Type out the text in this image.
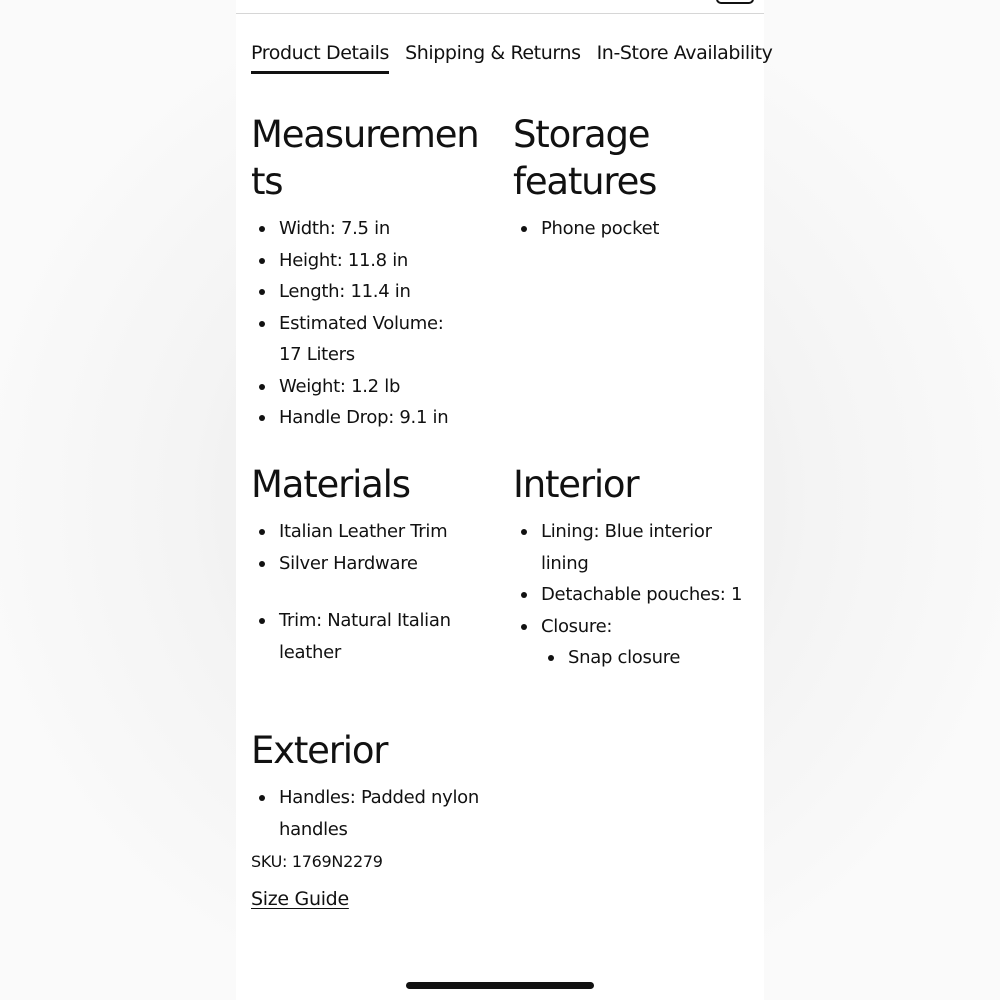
Product Details Shipping & Returns In-Store Availability
Measurements
Width: 7.5 in
Height: 11.8 in
Length: 11.4 in
Estimated Volume: 17 Liters
Weight: 1.2 lb
Handle Drop: 9.1 in
Storage features
Phone pocket
Materials
Italian Leather Trim
Silver Hardware
Trim: Natural Italian leather
Interior
Lining: Blue interior lining
Detachable pouches: 1
Closure:
Snap closure
Exterior
Handles: Padded nylon handles
SKU: 1769N2279
Size Guide
